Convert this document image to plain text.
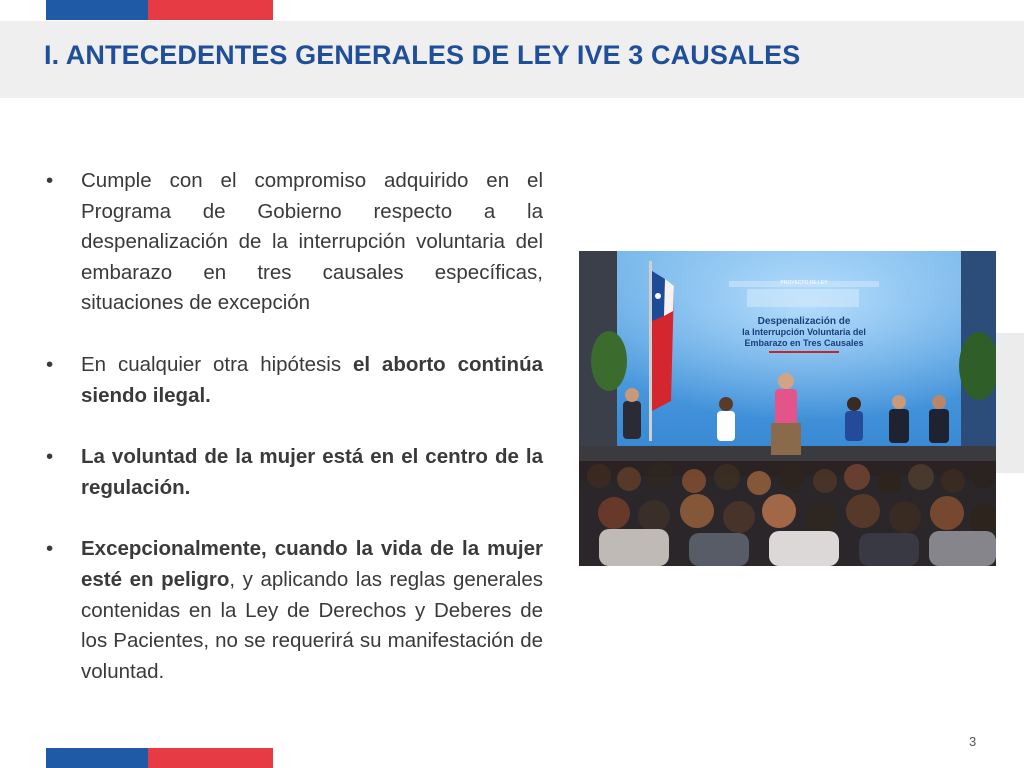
I. ANTECEDENTES GENERALES DE LEY IVE 3 CAUSALES
• Cumple con el compromiso adquirido en el Programa de Gobierno respecto a la despenalización de la interrupción voluntaria del embarazo en tres causales específicas, situaciones de excepción
• En cualquier otra hipótesis el aborto continúa siendo ilegal.
• La voluntad de la mujer está en el centro de la regulación.
• Excepcionalmente, cuando la vida de la mujer esté en peligro, y aplicando las reglas generales contenidas en la Ley de Derechos y Deberes de los Pacientes, no se requerirá su manifestación de voluntad.
PROYECTO DE LEY
Despenalización de
la Interrupción Voluntaria del
Embarazo en Tres Causales
3
